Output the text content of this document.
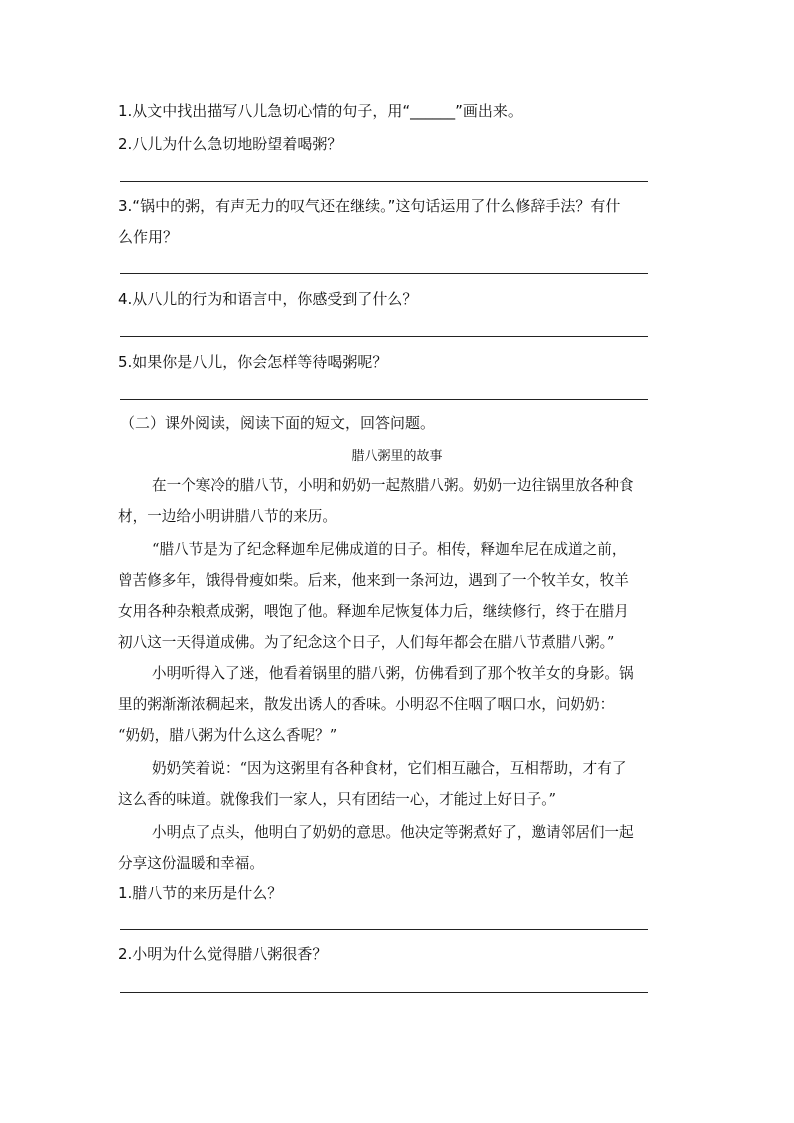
1.从文中找出描写八儿急切心情的句子，用“______”画出来。
2.八儿为什么急切地盼望着喝粥？
3.“锅中的粥，有声无力的叹气还在继续。”这句话运用了什么修辞手法？有什
么作用？
4.从八儿的行为和语言中，你感受到了什么？
5.如果你是八儿，你会怎样等待喝粥呢？
（二）课外阅读，阅读下面的短文，回答问题。
腊八粥里的故事
在一个寒冷的腊八节，小明和奶奶一起熬腊八粥。奶奶一边往锅里放各种食
材，一边给小明讲腊八节的来历。
“腊八节是为了纪念释迦牟尼佛成道的日子。相传，释迦牟尼在成道之前，
曾苦修多年，饿得骨瘦如柴。后来，他来到一条河边，遇到了一个牧羊女，牧羊
女用各种杂粮煮成粥，喂饱了他。释迦牟尼恢复体力后，继续修行，终于在腊月
初八这一天得道成佛。为了纪念这个日子，人们每年都会在腊八节煮腊八粥。”
小明听得入了迷，他看着锅里的腊八粥，仿佛看到了那个牧羊女的身影。锅
里的粥渐渐浓稠起来，散发出诱人的香味。小明忍不住咽了咽口水，问奶奶：
“奶奶，腊八粥为什么这么香呢？”
奶奶笑着说：“因为这粥里有各种食材，它们相互融合，互相帮助，才有了
这么香的味道。就像我们一家人，只有团结一心，才能过上好日子。”
小明点了点头，他明白了奶奶的意思。他决定等粥煮好了，邀请邻居们一起
分享这份温暖和幸福。
1.腊八节的来历是什么？
2.小明为什么觉得腊八粥很香？
